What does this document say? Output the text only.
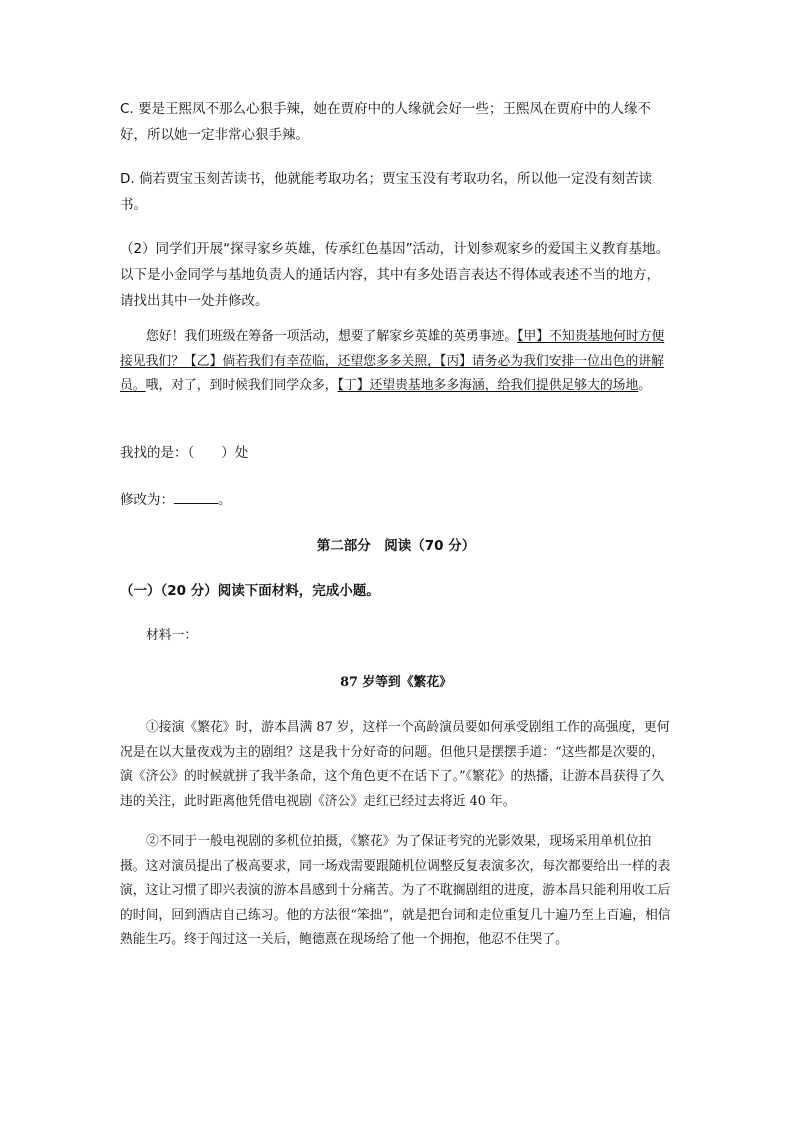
C. 要是王熙凤不那么心狠手辣，她在贾府中的人缘就会好一些；王熙凤在贾府中的人缘不好，所以她一定非常心狠手辣。

D. 倘若贾宝玉刻苦读书，他就能考取功名；贾宝玉没有考取功名，所以他一定没有刻苦读书。

（2）同学们开展“探寻家乡英雄，传承红色基因”活动，计划参观家乡的爱国主义教育基地。以下是小金同学与基地负责人的通话内容，其中有多处语言表达不得体或表述不当的地方，请找出其中一处并修改。

您好！我们班级在筹备一项活动，想要了解家乡英雄的英勇事迹。【甲】不知贵基地何时方便接见我们？【乙】倘若我们有幸莅临，还望您多多关照，【丙】请务必为我们安排一位出色的讲解员。哦，对了，到时候我们同学众多，【丁】还望贵基地多多海涵，给我们提供足够大的场地。

我找的是：（　　）处

修改为：	。

第二部分　阅读（70 分）

（一）（20 分）阅读下面材料，完成小题。

材料一：

87 岁等到《繁花》

①接演《繁花》时，游本昌满 87 岁，这样一个高龄演员要如何承受剧组工作的高强度，更何况是在以大量夜戏为主的剧组？这是我十分好奇的问题。但他只是摆摆手道：“这些都是次要的，演《济公》的时候就拼了我半条命，这个角色更不在话下了。”《繁花》的热播，让游本昌获得了久违的关注，此时距离他凭借电视剧《济公》走红已经过去将近 40 年。

②不同于一般电视剧的多机位拍摄，《繁花》为了保证考究的光影效果，现场采用单机位拍摄。这对演员提出了极高要求，同一场戏需要跟随机位调整反复表演多次，每次都要给出一样的表演，这让习惯了即兴表演的游本昌感到十分痛苦。为了不耽搁剧组的进度，游本昌只能利用收工后的时间，回到酒店自己练习。他的方法很“笨拙”，就是把台词和走位重复几十遍乃至上百遍，相信熟能生巧。终于闯过这一关后，鲍德熹在现场给了他一个拥抱，他忍不住哭了。
